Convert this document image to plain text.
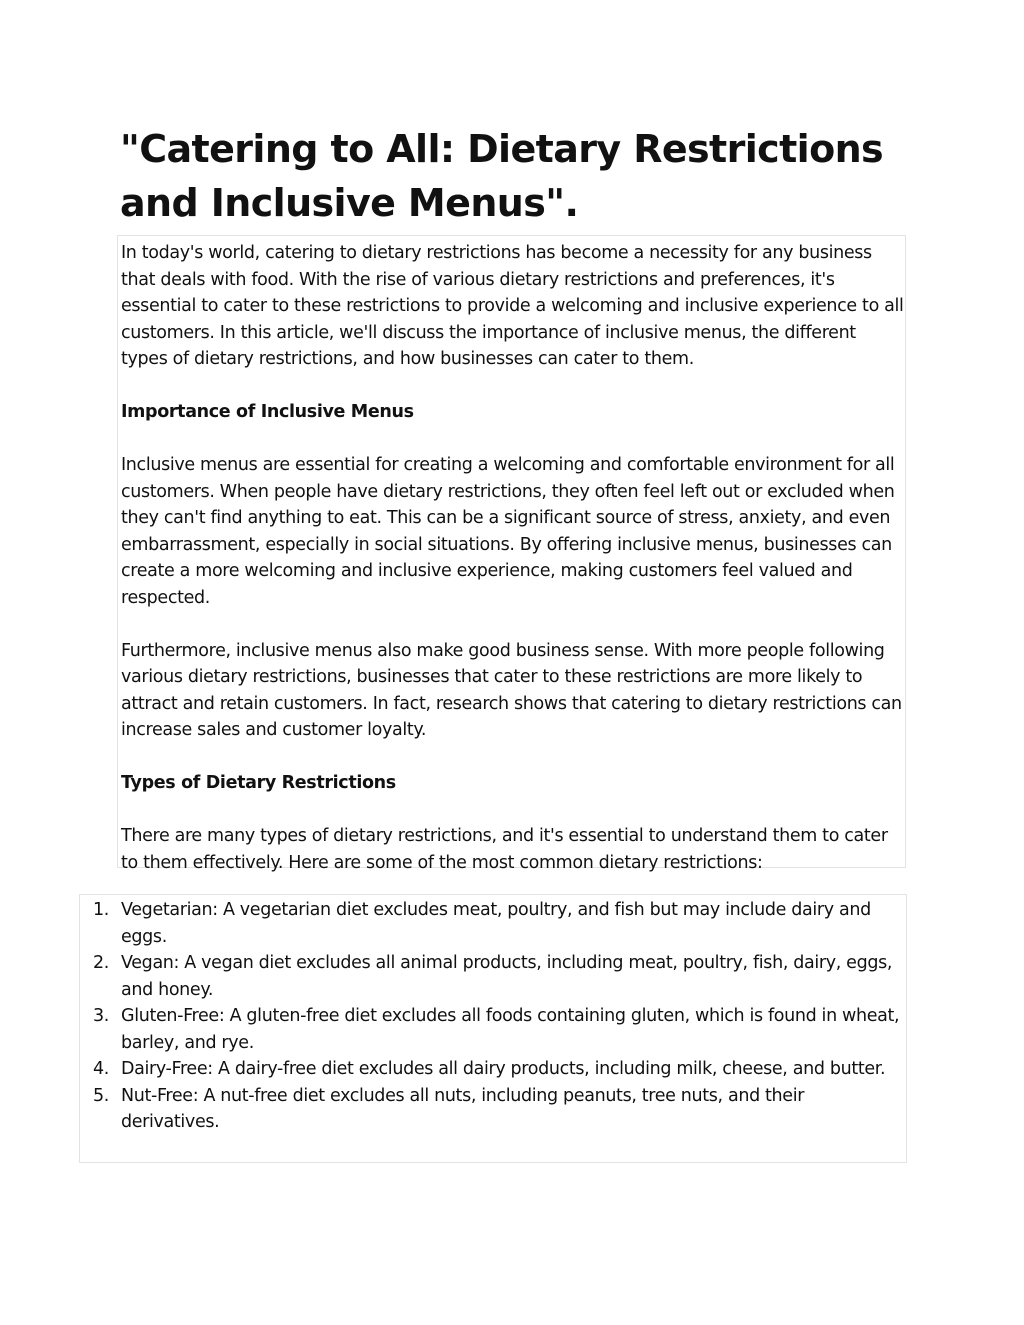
"Catering to All: Dietary Restrictions and Inclusive Menus".

In today's world, catering to dietary restrictions has become a necessity for any business that deals with food. With the rise of various dietary restrictions and preferences, it's essential to cater to these restrictions to provide a welcoming and inclusive experience to all customers. In this article, we'll discuss the importance of inclusive menus, the different types of dietary restrictions, and how businesses can cater to them.

Importance of Inclusive Menus

Inclusive menus are essential for creating a welcoming and comfortable environment for all customers. When people have dietary restrictions, they often feel left out or excluded when they can't find anything to eat. This can be a significant source of stress, anxiety, and even embarrassment, especially in social situations. By offering inclusive menus, businesses can create a more welcoming and inclusive experience, making customers feel valued and respected.

Furthermore, inclusive menus also make good business sense. With more people following various dietary restrictions, businesses that cater to these restrictions are more likely to attract and retain customers. In fact, research shows that catering to dietary restrictions can increase sales and customer loyalty.

Types of Dietary Restrictions

There are many types of dietary restrictions, and it's essential to understand them to cater to them effectively. Here are some of the most common dietary restrictions:

1. Vegetarian: A vegetarian diet excludes meat, poultry, and fish but may include dairy and eggs.
2. Vegan: A vegan diet excludes all animal products, including meat, poultry, fish, dairy, eggs, and honey.
3. Gluten-Free: A gluten-free diet excludes all foods containing gluten, which is found in wheat, barley, and rye.
4. Dairy-Free: A dairy-free diet excludes all dairy products, including milk, cheese, and butter.
5. Nut-Free: A nut-free diet excludes all nuts, including peanuts, tree nuts, and their derivatives.
